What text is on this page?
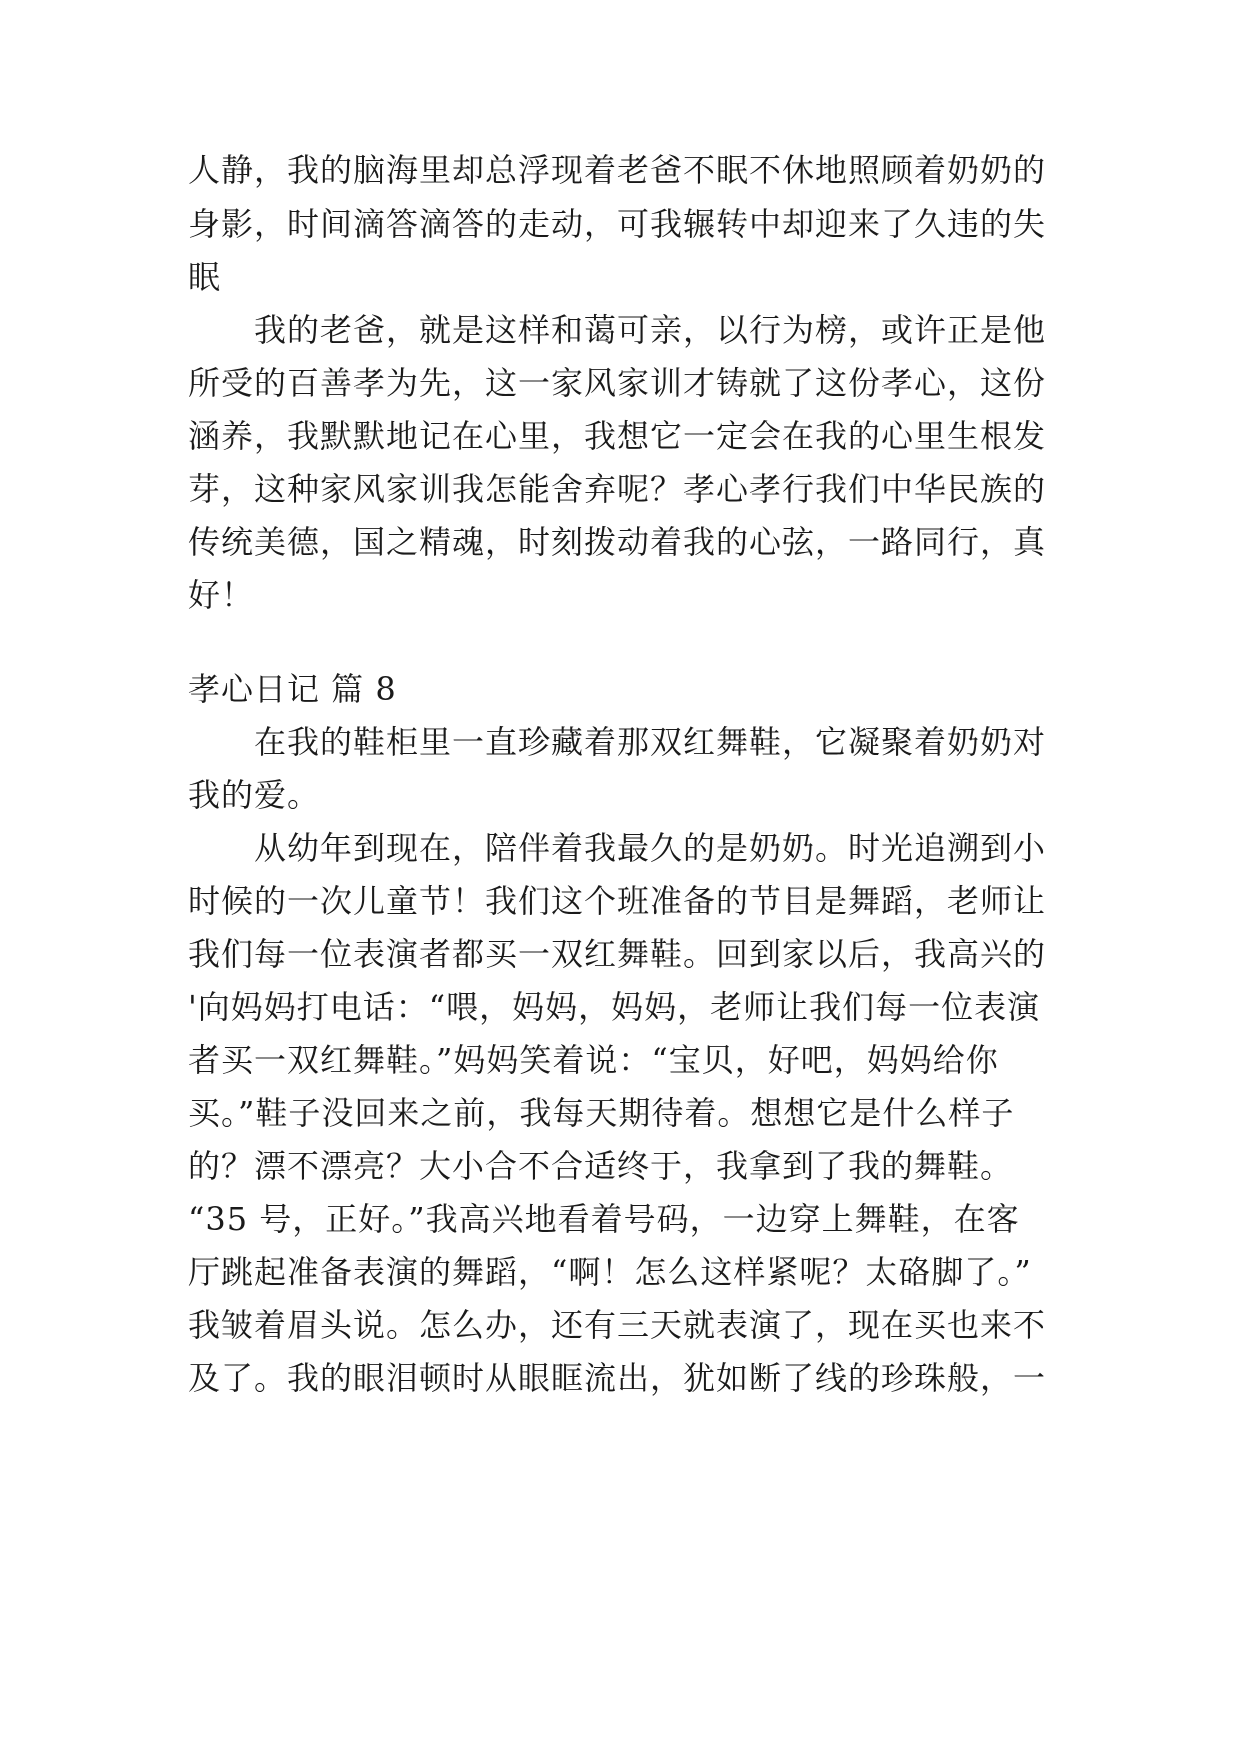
人静，我的脑海里却总浮现着老爸不眠不休地照顾着奶奶的
身影，时间滴答滴答的走动，可我辗转中却迎来了久违的失
眠
我的老爸，就是这样和蔼可亲，以行为榜，或许正是他
所受的百善孝为先，这一家风家训才铸就了这份孝心，这份
涵养，我默默地记在心里，我想它一定会在我的心里生根发
芽，这种家风家训我怎能舍弃呢？孝心孝行我们中华民族的
传统美德，国之精魂，时刻拨动着我的心弦，一路同行，真
好！
孝心日记 篇 8
在我的鞋柜里一直珍藏着那双红舞鞋，它凝聚着奶奶对
我的爱。
从幼年到现在，陪伴着我最久的是奶奶。时光追溯到小
时候的一次儿童节！我们这个班准备的节目是舞蹈，老师让
我们每一位表演者都买一双红舞鞋。回到家以后，我高兴的
'向妈妈打电话：“喂，妈妈，妈妈，老师让我们每一位表演
者买一双红舞鞋。”妈妈笑着说：“宝贝，好吧，妈妈给你
买。”鞋子没回来之前，我每天期待着。想想它是什么样子
的？漂不漂亮？大小合不合适终于，我拿到了我的舞鞋。
“35 号，正好。”我高兴地看着号码，一边穿上舞鞋，在客
厅跳起准备表演的舞蹈，“啊！怎么这样紧呢？太硌脚了。”
我皱着眉头说。怎么办，还有三天就表演了，现在买也来不
及了。我的眼泪顿时从眼眶流出，犹如断了线的珍珠般，一
